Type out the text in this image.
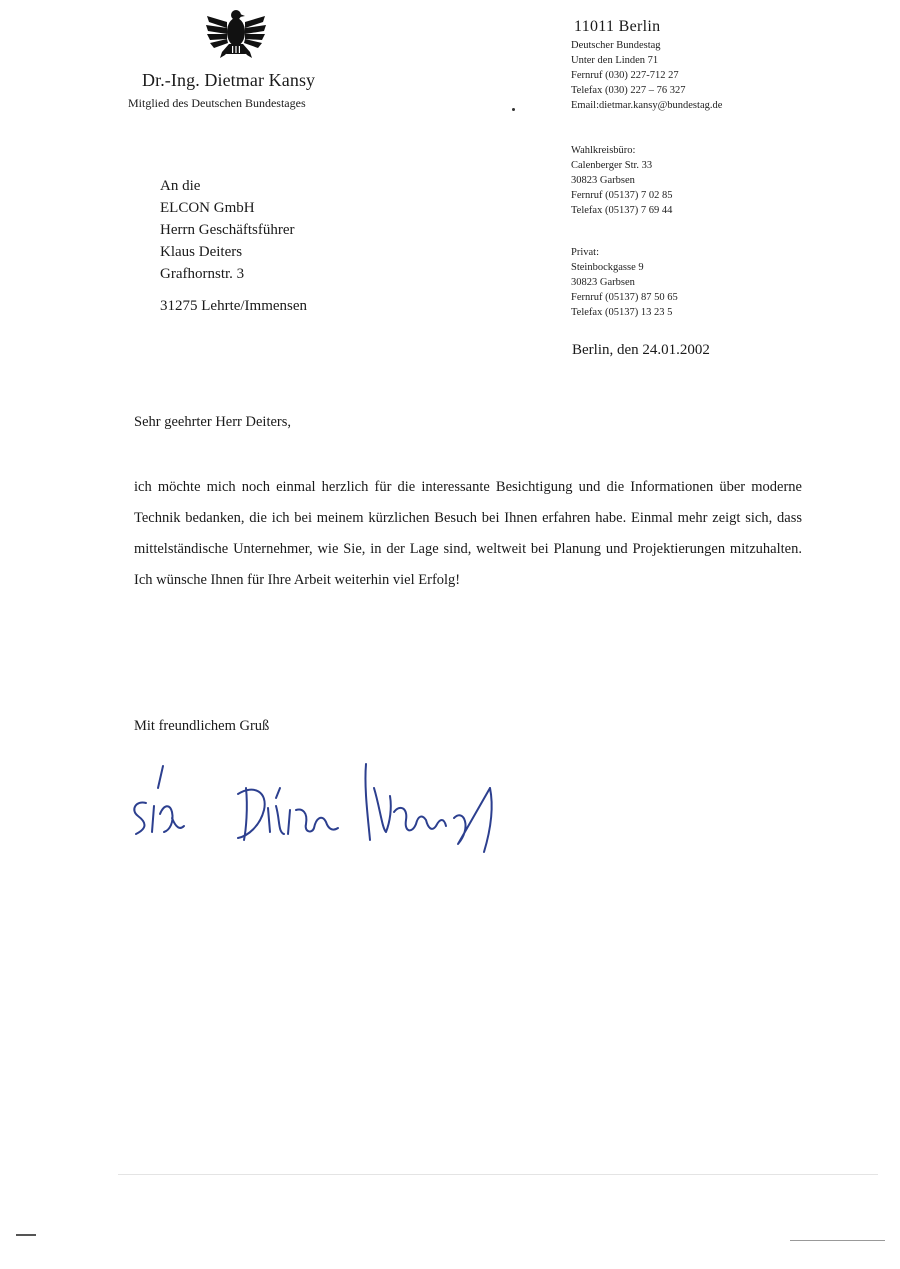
Dr.-Ing. Dietmar Kansy
Mitglied des Deutschen Bundestages
11011 Berlin
Deutscher Bundestag
Unter den Linden 71
Fernruf (030) 227-712 27
Telefax (030) 227 – 76 327
Email:dietmar.kansy@bundestag.de
Wahlkreisbüro:
Calenberger Str. 33
30823 Garbsen
Fernruf (05137) 7 02 85
Telefax (05137) 7 69 44
Privat:
Steinbockgasse 9
30823 Garbsen
Fernruf (05137) 87 50 65
Telefax (05137) 13 23 5
Berlin, den 24.01.2002
An die
ELCON GmbH
Herrn Geschäftsführer
Klaus Deiters
Grafhornstr. 3
31275 Lehrte/Immensen
Sehr geehrter Herr Deiters,
ich möchte mich noch einmal herzlich für die interessante Besichtigung und die Informationen über moderne Technik bedanken, die ich bei meinem kürzlichen Besuch bei Ihnen erfahren habe. Einmal mehr zeigt sich, dass mittelständische Unternehmer, wie Sie, in der Lage sind, weltweit bei Planung und Projektierungen mitzuhalten. Ich wünsche Ihnen für Ihre Arbeit weiterhin viel Erfolg!
Mit freundlichem Gruß
